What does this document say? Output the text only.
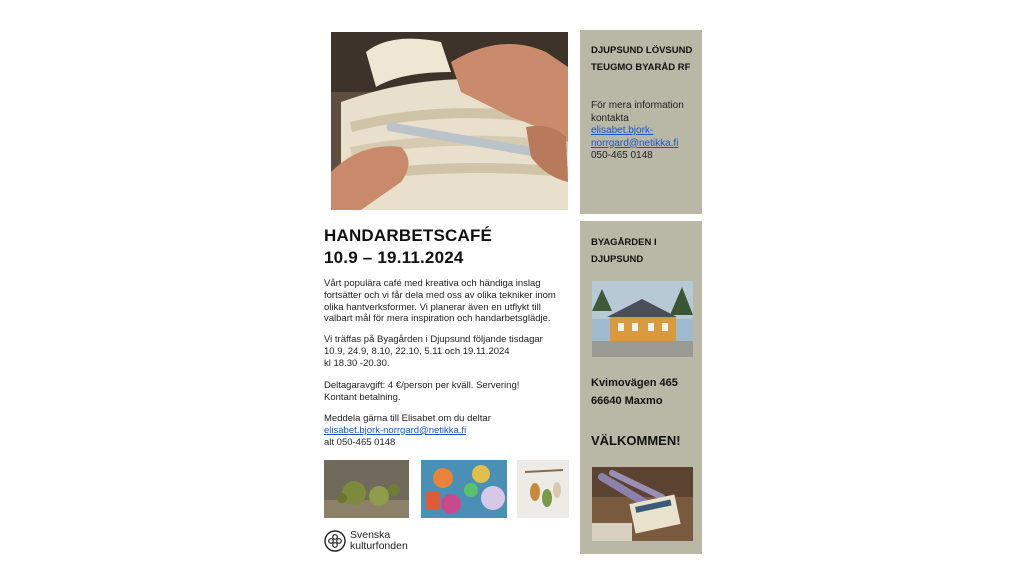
HANDARBETSCAFÉ
10.9 – 19.11.2024
Vårt populära café med kreativa och händiga inslag fortsätter och vi får dela med oss av olika tekniker inom olika hantverksformer. Vi planerar även en utflykt till valbart mål för mera inspiration och handarbetsglädje.
Vi träffas på Byagården i Djupsund följande tisdagar
10.9, 24.9, 8.10, 22.10, 5.11 och 19.11.2024
kl 18.30 -20.30.
Deltagaravgift: 4 €/person per kväll. Servering!
Kontant betalning.
Meddela gärna till Elisabet om du deltar
elisabet.bjork-norrgard@netikka.fi
alt 050-465 0148
Svenska
kulturfonden
DJUPSUND LÖVSUND
TEUGMO BYARÅD RF
För mera information
kontakta
elisabet.bjork-
norrgard@netikka.fi
050-465 0148
BYAGÅRDEN I
DJUPSUND
Kvimovägen 465
66640 Maxmo
VÄLKOMMEN!
